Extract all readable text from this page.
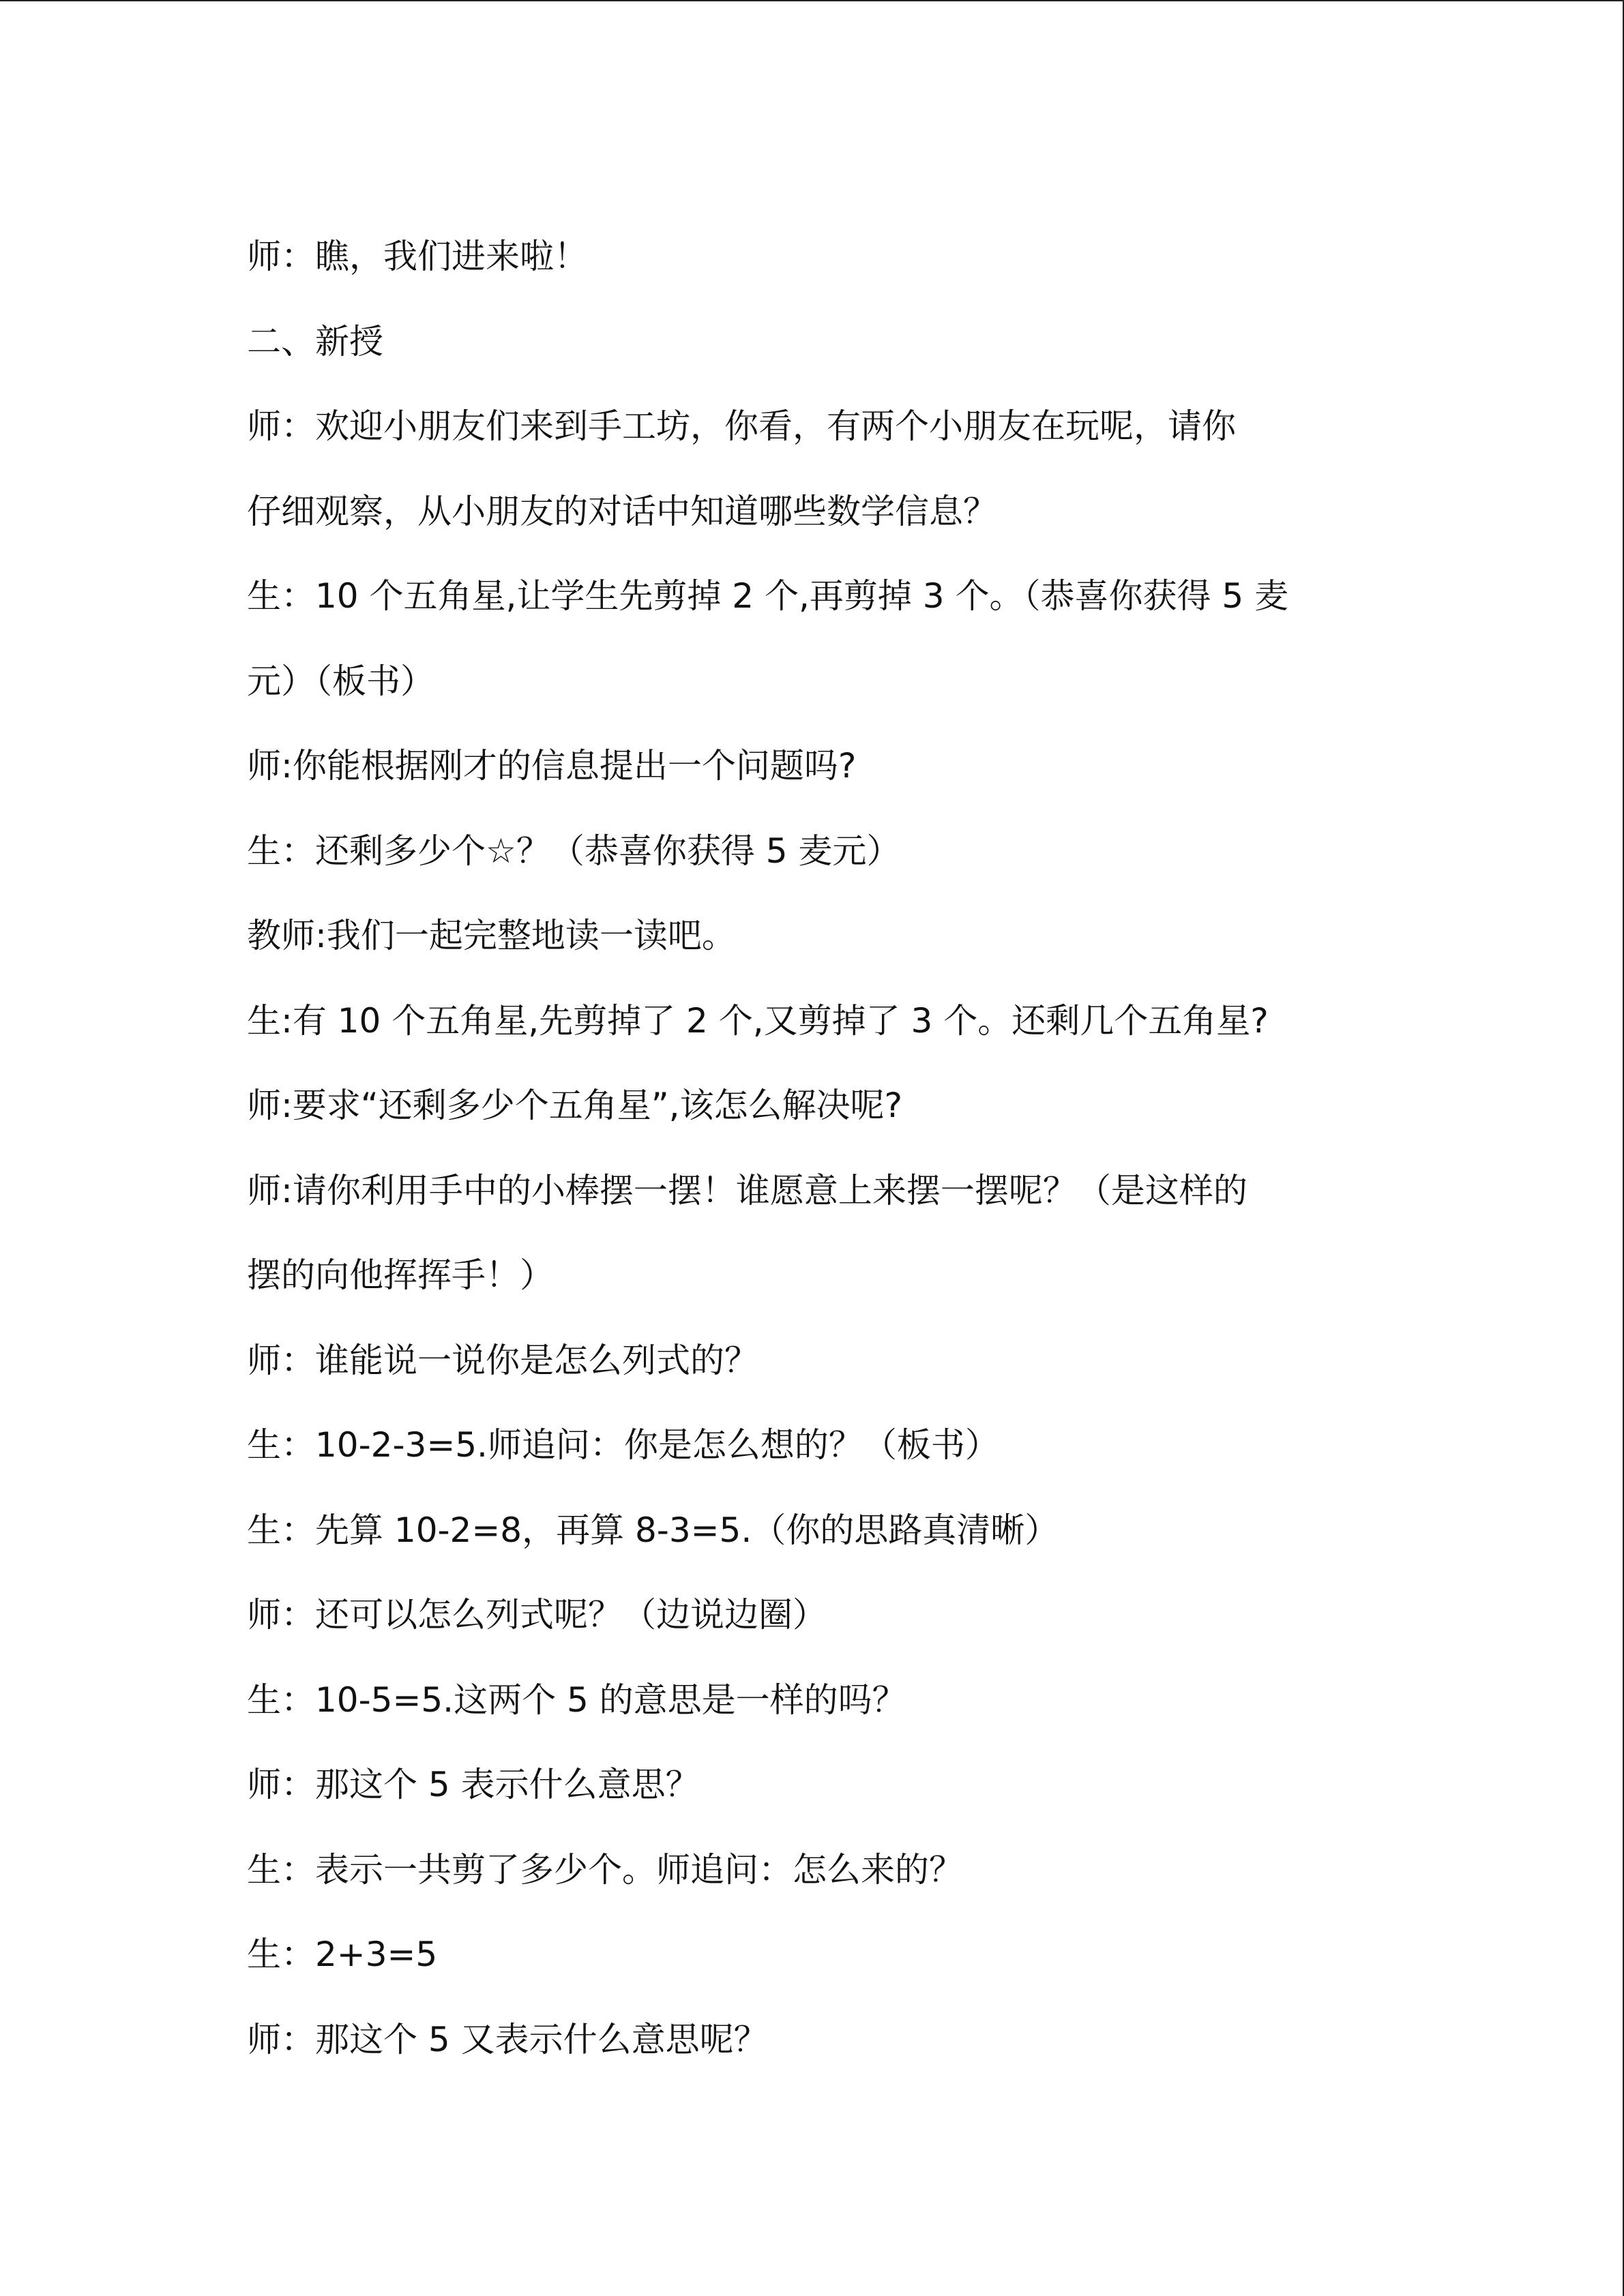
师：瞧，我们进来啦！
二、新授
师：欢迎小朋友们来到手工坊，你看，有两个小朋友在玩呢，请你
仔细观察，从小朋友的对话中知道哪些数学信息？
生：10 个五角星,让学生先剪掉 2 个,再剪掉 3 个。（恭喜你获得 5 麦
元）（板书）
师:你能根据刚才的信息提出一个问题吗?
生：还剩多少个☆？（恭喜你获得 5 麦元）
教师:我们一起完整地读一读吧。
生:有 10 个五角星,先剪掉了 2 个,又剪掉了 3 个。还剩几个五角星?
师:要求“还剩多少个五角星”,该怎么解决呢?
师:请你利用手中的小棒摆一摆！谁愿意上来摆一摆呢？（是这样的
摆的向他挥挥手！）
师：谁能说一说你是怎么列式的？
生：10-2-3=5.师追问：你是怎么想的？（板书）
生：先算 10-2=8，再算 8-3=5.（你的思路真清晰）
师：还可以怎么列式呢？（边说边圈）
生：10-5=5.这两个 5 的意思是一样的吗？
师：那这个 5 表示什么意思？
生：表示一共剪了多少个。师追问：怎么来的？
生：2+3=5
师：那这个 5 又表示什么意思呢？
